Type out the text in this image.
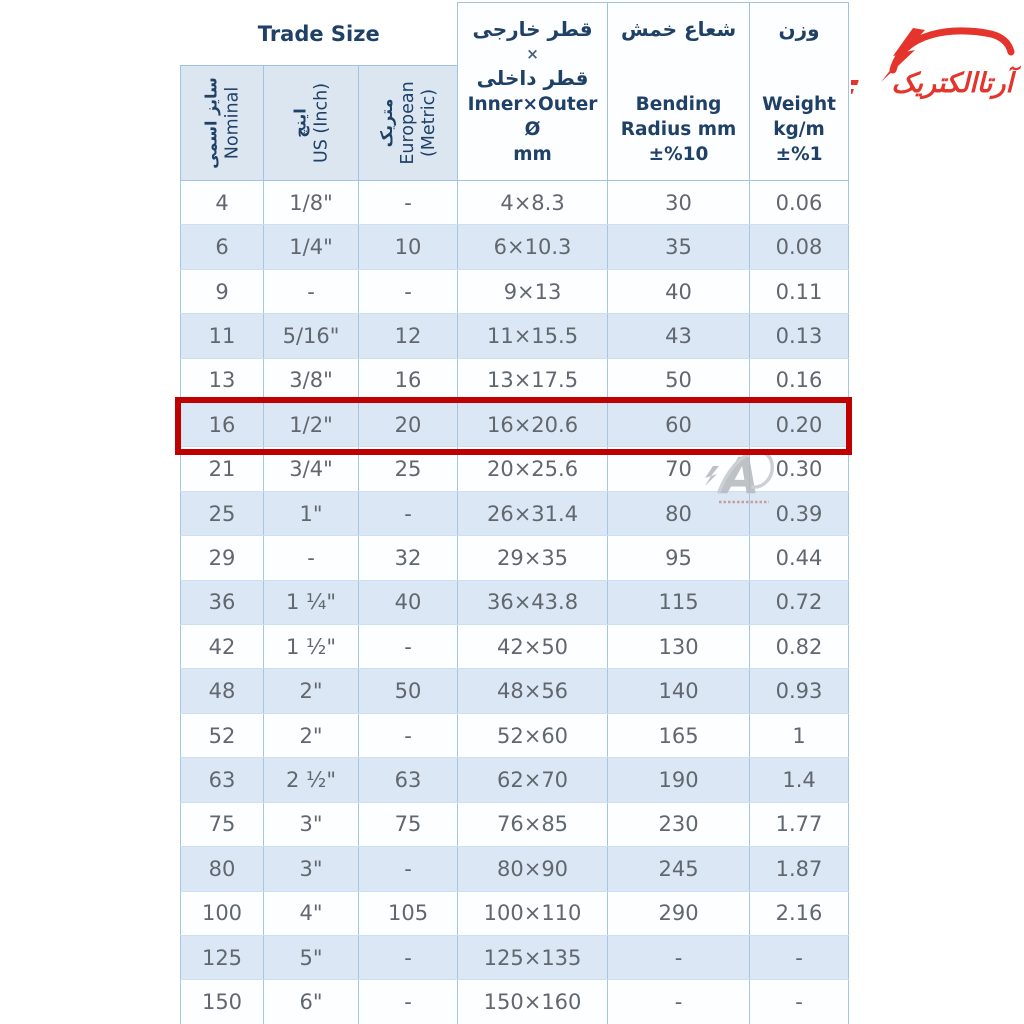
Trade Size	قطر خارجی
×
قطر داخلی
Inner×Outer Ø
mm

شعاع خمش
Bending
Radius mm
±%10

وزن
Weight
kg/m
±%1

سایز اسمی Nominal	اینچ US (Inch)	متریک European (Metric)

4	1/8"	-	4×8.3	30	0.06
6	1/4"	10	6×10.3	35	0.08
9	-	-	9×13	40	0.11
11	5/16"	12	11×15.5	43	0.13
13	3/8"	16	13×17.5	50	0.16
16	1/2"	20	16×20.6	60	0.20
21	3/4"	25	20×25.6	70	0.30
25	1"	-	26×31.4	80	0.39
29	-	32	29×35	95	0.44
36	1 ¼"	40	36×43.8	115	0.72
42	1 ½"	-	42×50	130	0.82
48	2"	50	48×56	140	0.93
52	2"	-	52×60	165	1
63	2 ½"	63	62×70	190	1.4
75	3"	75	76×85	230	1.77
80	3"	-	80×90	245	1.87
100	4"	105	100×110	290	2.16
125	5"	-	125×135	-	-
150	6"	-	150×160	-	-
آرتاالکتریک
A
